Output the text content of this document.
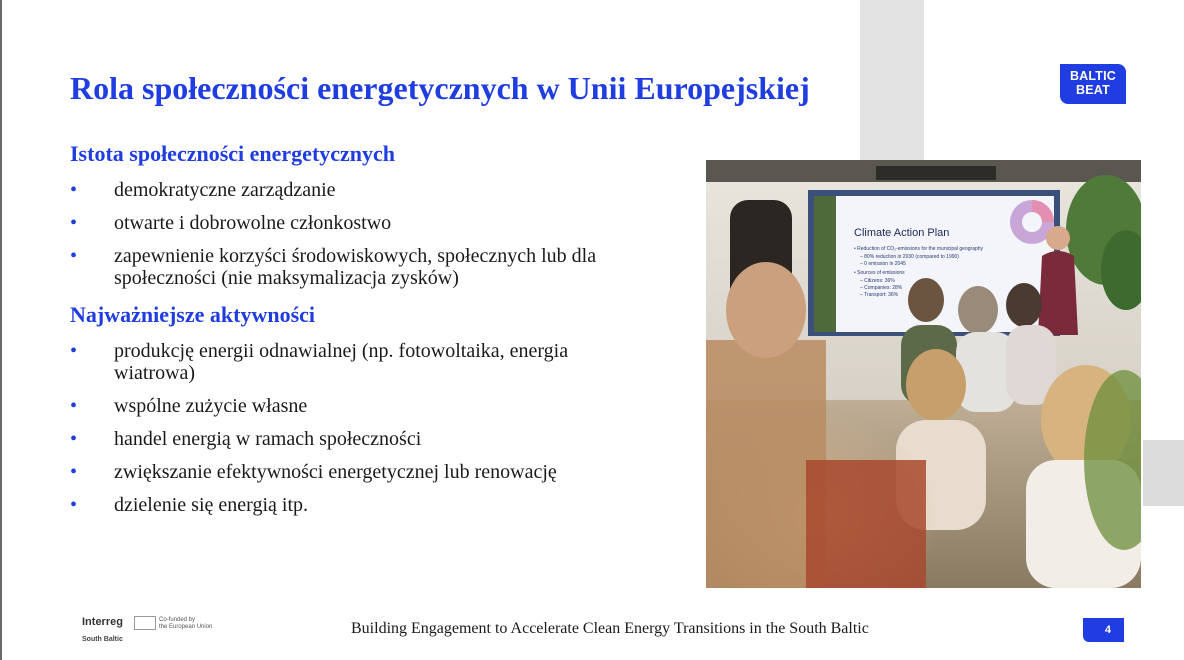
Rola społeczności energetycznych w Unii Europejskiej	BALTIC
BEAT
Istota społeczności energetycznych
• demokratyczne zarządzanie
• otwarte i dobrowolne członkostwo
• zapewnienie korzyści środowiskowych, społecznych lub dla społeczności (nie maksymalizacja zysków)
Najważniejsze aktywności
• produkcję energii odnawialnej (np. fotowoltaika, energia wiatrowa)
• wspólne zużycie własne
• handel energią w ramach społeczności
• zwiększanie efektywności energetycznej lub renowację
• dzielenie się energią itp.
Climate Action Plan
• Reduction of CO₂-emissions for the municipal geography
– 80% reduction in 2030 (compared to 1990)
– 0 emission in 2045
• Sources of emissions
– Citizens: 36%
– Companies: 28%
– Transport: 36%
Interreg	Co-funded by
the European Union
South Baltic
Building Engagement to Accelerate Clean Energy Transitions in the South Baltic	4
